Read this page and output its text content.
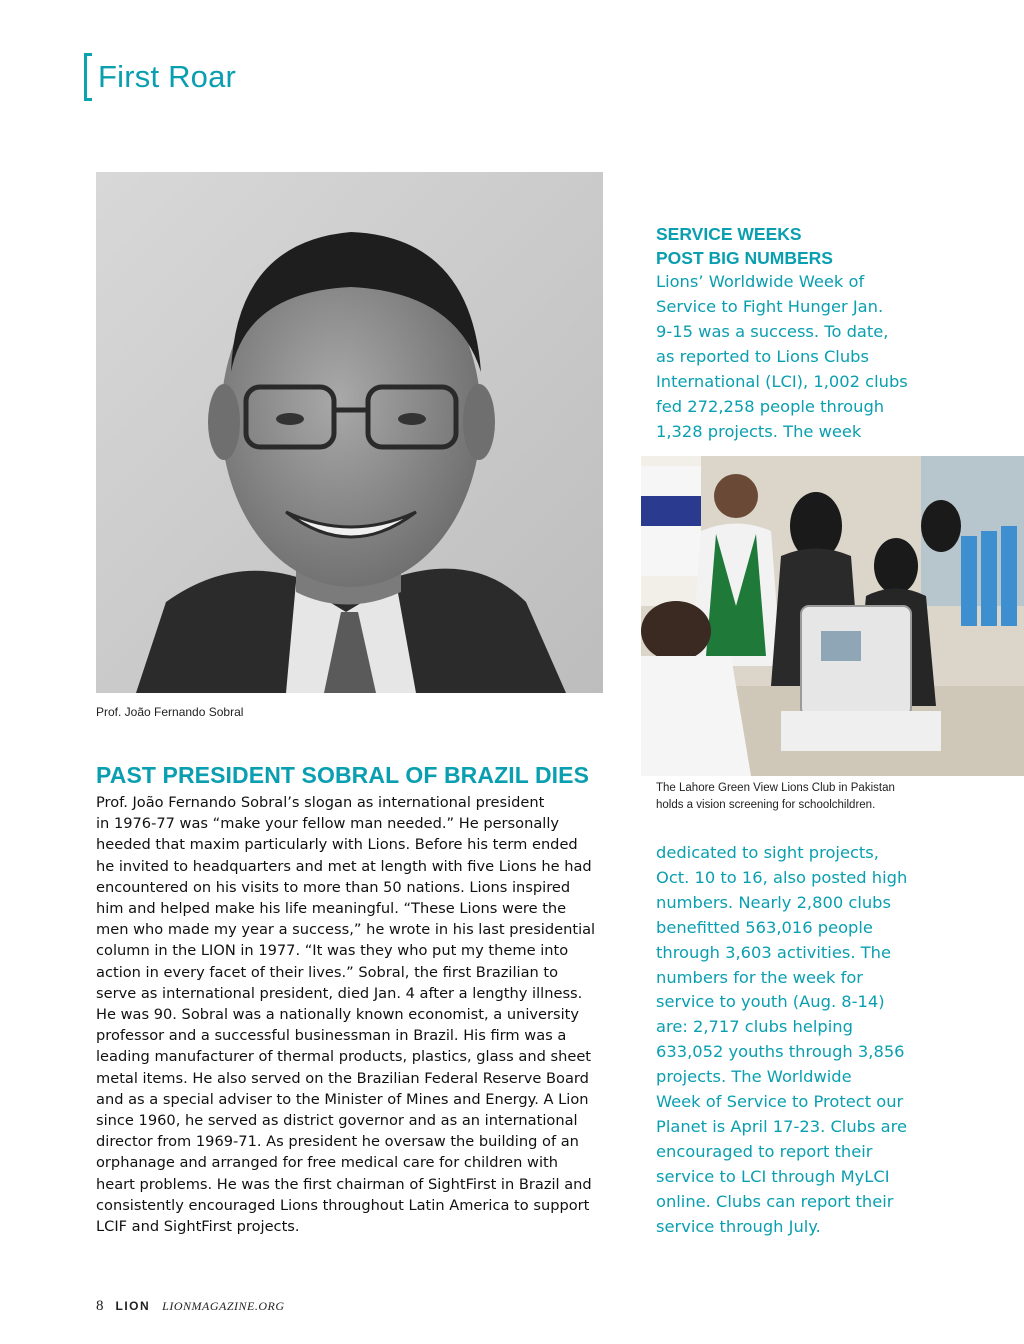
First Roar
Prof. João Fernando Sobral
PAST PRESIDENT SOBRAL OF BRAZIL DIES

Prof. João Fernando Sobral’s slogan as international president
in 1976-77 was “make your fellow man needed.” He personally
heeded that maxim particularly with Lions. Before his term ended
he invited to headquarters and met at length with five Lions he had
encountered on his visits to more than 50 nations. Lions inspired
him and helped make his life meaningful. “These Lions were the
men who made my year a success,” he wrote in his last presidential
column in the LION in 1977. “It was they who put my theme into
action in every facet of their lives.” Sobral, the first Brazilian to
serve as international president, died Jan. 4 after a lengthy illness.
He was 90. Sobral was a nationally known economist, a university
professor and a successful businessman in Brazil. His firm was a
leading manufacturer of thermal products, plastics, glass and sheet
metal items. He also served on the Brazilian Federal Reserve Board
and as a special adviser to the Minister of Mines and Energy. A Lion
since 1960, he served as district governor and as an international
director from 1969-71. As president he oversaw the building of an
orphanage and arranged for free medical care for children with
heart problems. He was the first chairman of SightFirst in Brazil and
consistently encouraged Lions throughout Latin America to support
LCIF and SightFirst projects.

SERVICE WEEKS
POST BIG NUMBERS

Lions’ Worldwide Week of
Service to Fight Hunger Jan.
9-15 was a success. To date,
as reported to Lions Clubs
International (LCI), 1,002 clubs
fed 272,258 people through
1,328 projects. The week

The Lahore Green View Lions Club in Pakistan
holds a vision screening for schoolchildren.

dedicated to sight projects,
Oct. 10 to 16, also posted high
numbers. Nearly 2,800 clubs
benefitted 563,016 people
through 3,603 activities. The
numbers for the week for
service to youth (Aug. 8-14)
are: 2,717 clubs helping
633,052 youths through 3,856
projects. The Worldwide
Week of Service to Protect our
Planet is April 17-23. Clubs are
encouraged to report their
service to LCI through MyLCI
online. Clubs can report their
service through July.

8 LION LIONMAGAZINE.ORG
